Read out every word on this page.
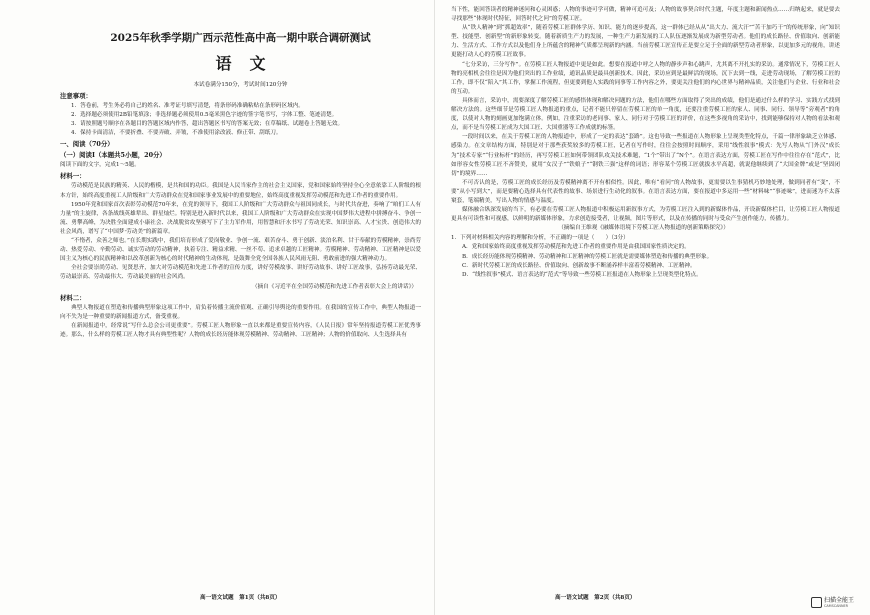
2025年秋季学期广西示范性高中高一期中联合调研测试
语文
本试卷满分150分，考试时间120分钟
注意事项：

1．答卷前，考生务必将自己的姓名、准考证号填写清楚，将条形码准确粘贴在条形码区域内。

2．选择题必须使用2B铅笔填涂；非选择题必须使用0.5毫米黑色字迹的签字笔书写，字体工整、笔迹清楚。

3．请按照题号顺序在各题目的答题区域内作答，超出答题区书写的答案无效；在草稿纸、试题卷上答题无效。

4．保持卡面清洁，不要折叠、不要弄破、弄皱，不准使用涂改液、修正带、刮纸刀。

一、阅读（70分）
（一）阅读Ⅰ（本题共5小题，20分）

阅读下面的文字，完成1～5题。

材料一：

劳动模范是民族的精英、人民的楷模，是共和国的功臣。我国是人民当家作主的社会主义国家，党和国家始终坚持全心全意依靠工人阶级的根本方针，始终高度重视工人阶级和广大劳动群众在党和国家事业发展中的重要地位，始终高度重视发挥劳动模范和先进工作者的重要作用。

1950年党和国家首次表彰劳动模范70年来，在党的领导下，我国工人阶级和广大劳动群众与祖国同成长，与时代共奋进，奏响了“咱们工人有力量”的主旋律，各条战线英雄辈出、群星灿烂。特别是进入新时代以来，我国工人阶级和广大劳动群众在实现中国梦伟大进程中拼搏奋斗、争创一流、勇攀高峰，为决胜全面建成小康社会、决战脱贫攻坚赛写下了主力军作用，用智慧和汗水书写了劳动光荣、知识崇高、人才宝贵、创造伟大的社会风尚，谱写了“中国梦·劳动美”的新篇章。

“不惰者，众善之师也。”在长期实践中，我们培育形成了爱岗敬业、争创一流、艰苦奋斗、勇于创新、淡泊名利、甘于奉献的劳模精神，崇尚劳动、热爱劳动、辛勤劳动、诚实劳动的劳动精神，执着专注、精益求精、一丝不苟、追求卓越的工匠精神。劳模精神、劳动精神、工匠精神是以爱国主义为核心的民族精神和以改革创新为核心的时代精神的生动体现，是鼓舞全党全国各族人民风雨无阻、勇敢前进的强大精神动力。

全社会要崇尚劳动、见贤思齐，加大对劳动模范和先进工作者的宣传力度，讲好劳模故事、讲好劳动故事、讲好工匠故事，弘扬劳动最光荣、劳动最崇高、劳动最伟大、劳动最美丽的社会风尚。

（摘自《习近平在全国劳动模范和先进工作者表彰大会上的讲话》）
材料二：

典型人物报道在塑造和传播典型形象这项工作中，肩负着传播主流价值观、正确引导舆论的重要作用。在我国的宣传工作中，典型人物报道一向不失为是一种重要的新闻报道方式，备受重视。

在新闻报道中，经常说“写什么总会公司更重要”。劳模工匠人物形象一直以来都是重要宣传内容，《人民日报》常年坚持报道劳模工匠优秀事迹。那么，什么样的劳模工匠人物才具有典型性呢？人物的成长经历能体现劳模精神、劳动精神、工匠精神；人物的价值取向、人生选择具有

高一语文试题　第1页（共8页）

当下性，能回答读者的精神迷问和心灵困惑；人物的事迹可学可做，精神可追可及；人物的故事契合时代主题，年度主题和新闻热点……归纳起来，就是要去寻找那些“体现时代特征，回答时代之问”的劳模工匠。

从“铁人精神”到“抓超效率”，随着劳模工匠群体学历、知识、能力的逐步提高，这一群体已经从从“出大力、流大汗”“苦干加巧干”的传统形象，向“知识型、技能型、创新型”的新形象转变。随着新质生产力的发展，一种生产力新发展的工人队伍逐渐发展成为新型劳动者。他们的成长路径、价值取向、创新能力、生活方式、工作方式以及他们身上所蕴含的精神气质都呈现新的内涵。当前劳模工匠宣传正是要立足于全面的新型劳动者形象，以更加多元的视角，讲述更能打动人心的劳模工匠故事。

“七分采访，三分写作”。在劳模工匠人物报道中更是如此。想要在报道中呼之人物的静步声和心跳声，尤其离不开扎实的采访。通常情况下，劳模工匠人物的亮相机会往往是因为他们突出的工作业绩，通讯品质是最具创新技术。因此，采访应到是最鲜活的现场，沉下去到一线，走进劳动现场，了解劳模工匠的工作，即不仅“陪入”其工作，掌握工作流程，但更要到他人实践的同事等工作内容之外，要更关注他们的内心世界与精神品质，关注他们与企业、行业和社会的互动。

具体而言，采访中，需要深度了解劳模工匠的感悟体现和解决问题的方法，他们在哪些方面取得了突出的成绩，他们是通过什么样的学习、实践方式找到解决方法的。这些细节是劳模工匠人物报道的重点，记者不能只停留在劳模工匠的单一角度，还要注重劳模工匠的家人、同事、同行、领导等“旁观者”的角度，以使对人物的刻画更加饱满立体。例如，注重采访的老同事、家人、同行对于劳模工匠的评价，在这些多视角的采访中，找到能够保持对人物的看法和观点，而不是当劳模工匠成为大国工匠、大国重器等工作成就的标签。

一段时间以来，在关于劳模工匠的人物报道中，形成了一定的表达“套路”。这也导致一些报道在人物形象上呈现类型化特点，千篇一律形象缺乏立体感、感染力。在文章结构方面，特别是对于那些获奖较多的劳模工匠，记者在写作时，往往会按照时间顺序，采用“线性叙事”模式：先写人物从“门外汉”成长为“技术专家”“行业标杆”的经历，再写劳模工匠如何带领团队攻关技术难题，“1个”带出了“N个”。在语言表达方面，劳模工匠在写作中往往存在“范式”，比如形容女性劳模工匠不吝赞美，就用“女汉子”“铁娘子”“钢铁三强”这样的词语；形容某个劳模工匠就拔水平高超，就说他继续到了“大国金牌”或是“坚固闭切”的境界……

不可否认的是，劳模工匠的成长经历及劳模精神离不开有相似性。因此，唯有“看问”的人物故事，更需要以生事猜机巧妙地处理，做到同者有“变”，不要“从小写到大”，而是要精心选择具有代表性的故事、场景进行生动化的叙事。在语言表达方面，要在报道中多运用一些“材料味”“事迹味”，进而迷为不太落窠套，笔端精美，写出人物的情感与温度。

媒体融合纵深发展的当下，有必要在劳模工匠人物报道中积极运用新叙事方式，为劳模工匠注入到的新媒体作品，开设新媒体栏目，让劳模工匠人物报道更具有可读性和可视感，以鲜明的新媒体形象，力求创造接受者，让视频，图片等形式，以及在传播的同时与受众产生创作能力，传播力。

（摘编自王维观《融媒体语境下劳模工匠人物报道的创新策略探究》）

1．下列对材料相关内容的理解和分析，不正确的一项是（　　）（3分）

A．党和国家始终高度重视发挥劳动模范和先进工作者的重要作用是由我国国家性质决定的。

B．成长经历能体现劳模精神、劳动精神和工匠精神的劳模工匠就是需要媒体塑造和传播的典型形象。

C．新时代劳模工匠的成长路径、价值取向、创新故事不断涌养样丰富着劳模精神、工匠精神。

D．“线性叙事”模式、语言表达的“范式”等导致一些劳模工匠报道在人物形象上呈现类型化特点。

高一语文试题　第2页（共8页）	扫描全能王
CAMSCANNER
